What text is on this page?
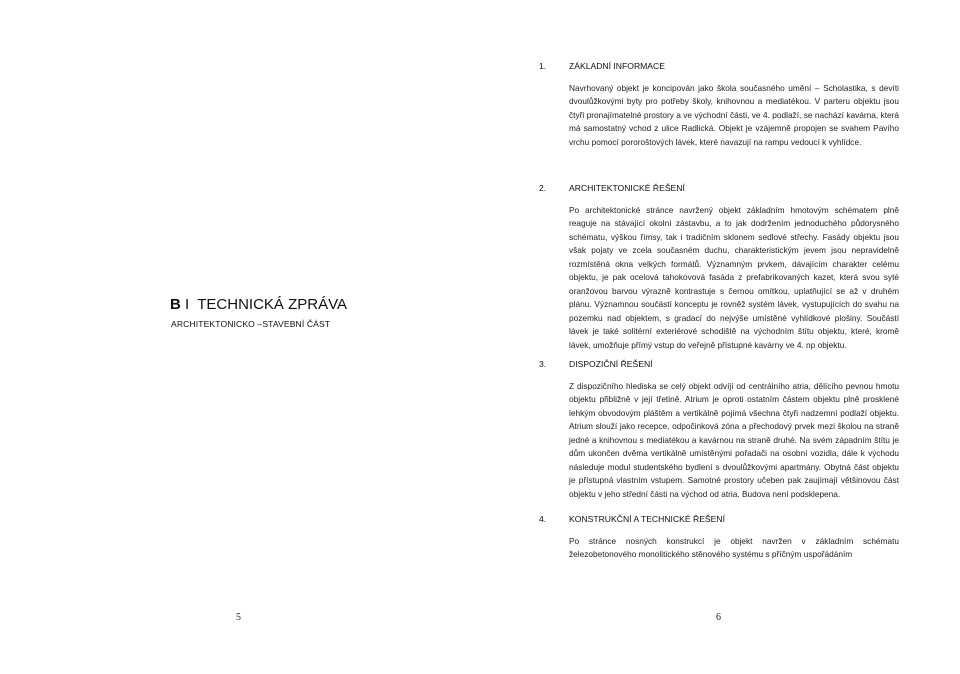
B I  TECHNICKÁ ZPRÁVA
ARCHITEKTONICKO –STAVEBNÍ ČÁST
5
1.	ZÁKLADNÍ INFORMACE
Navrhovaný objekt je koncipován jako škola současného umění – Scholastika, s devíti dvoulůžkovými byty pro potřeby školy, knihovnou a mediatékou. V parteru objektu jsou čtyři pronajímatelné prostory a ve východní části, ve 4. podlaží, se nachází kavárna, která má samostatný vchod z ulice Radlická. Objekt je vzájemně propojen se svahem Pavího vrchu pomocí pororoštových lávek, které navazují na rampu vedoucí k vyhlídce.
2.	ARCHITEKTONICKÉ ŘEŠENÍ
Po architektonické stránce navržený objekt základním hmotovým schématem plně reaguje na stávající okolní zástavbu, a to jak dodržením jednoduchého půdorysného schématu, výškou římsy, tak i tradičním sklonem sedlové střechy. Fasády objektu jsou však pojaty ve zcela současném duchu, charakteristickým jevem jsou nepravidelně rozmístěná okna velkých formátů. Významným prvkem, dávajícím charakter celému objektu, je pak ocelová tahokovová fasáda z prefabrikovaných kazet, která svou syté oranžovou barvou výrazně kontrastuje s černou omítkou, uplatňující se až v druhém plánu. Významnou součástí konceptu je rovněž systém lávek, vystupujících do svahu na pozemku nad objektem, s gradací do nejvýše umístěné vyhlídkové plošiny. Součástí lávek je také solitérní exteriérové schodiště na východním štítu objektu, které, kromě lávek, umožňuje přímý vstup do veřejně přístupné kavárny ve 4. np objektu.
3.	DISPOZIČNÍ ŘEŠENÍ
Z dispozičního hlediska se celý objekt odvíjí od centrálního atria, dělícího pevnou hmotu objektu přibližně v její třetině. Atrium je oproti ostatním částem objektu plně prosklené lehkým obvodovým pláštěm a vertikálně pojímá všechna čtyři nadzemní podlaží objektu. Atrium slouží jako recepce, odpočinková zóna a přechodový prvek mezi školou na straně jedné a knihovnou s mediatékou a kavárnou na straně druhé. Na svém západním štítu je dům ukončen dvěma vertikálně umístěnými pořadači na osobní vozidla, dále k východu následuje modul studentského bydlení s dvoulůžkovými apartmány. Obytná část objektu je přístupná vlastním vstupem. Samotné prostory učeben pak zaujímají většinovou část objektu v jeho střední části na východ od atria. Budova není podsklepena.
4.	KONSTRUKČNÍ A TECHNICKÉ ŘEŠENÍ
Po stránce nosných konstrukcí je objekt navržen v základním schématu železobetonového monolitického stěnového systému s příčným uspořádáním
6
